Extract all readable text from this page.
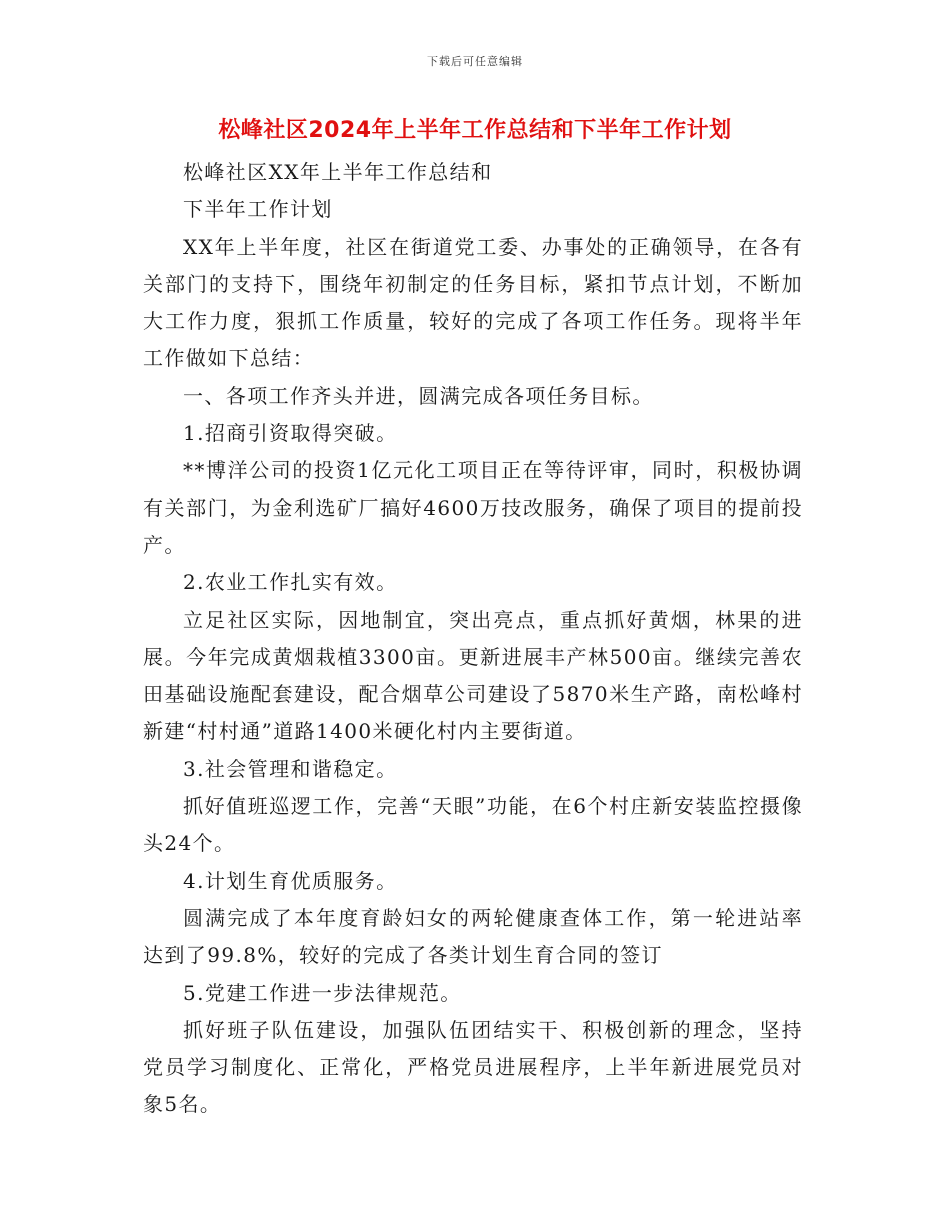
下载后可任意编辑
松峰社区2024年上半年工作总结和下半年工作计划

松峰社区XX年上半年工作总结和

下半年工作计划

XX年上半年度，社区在街道党工委、办事处的正确领导，在各有关部门的支持下，围绕年初制定的任务目标，紧扣节点计划，不断加大工作力度，狠抓工作质量，较好的完成了各项工作任务。现将半年工作做如下总结：

一、各项工作齐头并进，圆满完成各项任务目标。

1.招商引资取得突破。

**博洋公司的投资1亿元化工项目正在等待评审，同时，积极协调有关部门，为金利选矿厂搞好4600万技改服务，确保了项目的提前投产。

2.农业工作扎实有效。

立足社区实际，因地制宜，突出亮点，重点抓好黄烟，林果的进展。今年完成黄烟栽植3300亩。更新进展丰产林500亩。继续完善农田基础设施配套建设，配合烟草公司建设了5870米生产路，南松峰村新建“村村通”道路1400米硬化村内主要街道。

3.社会管理和谐稳定。

抓好值班巡逻工作，完善“天眼”功能，在6个村庄新安装监控摄像头24个。

4.计划生育优质服务。

圆满完成了本年度育龄妇女的两轮健康查体工作，第一轮进站率达到了99.8%，较好的完成了各类计划生育合同的签订

5.党建工作进一步法律规范。

抓好班子队伍建设，加强队伍团结实干、积极创新的理念，坚持党员学习制度化、正常化，严格党员进展程序，上半年新进展党员对象5名。
